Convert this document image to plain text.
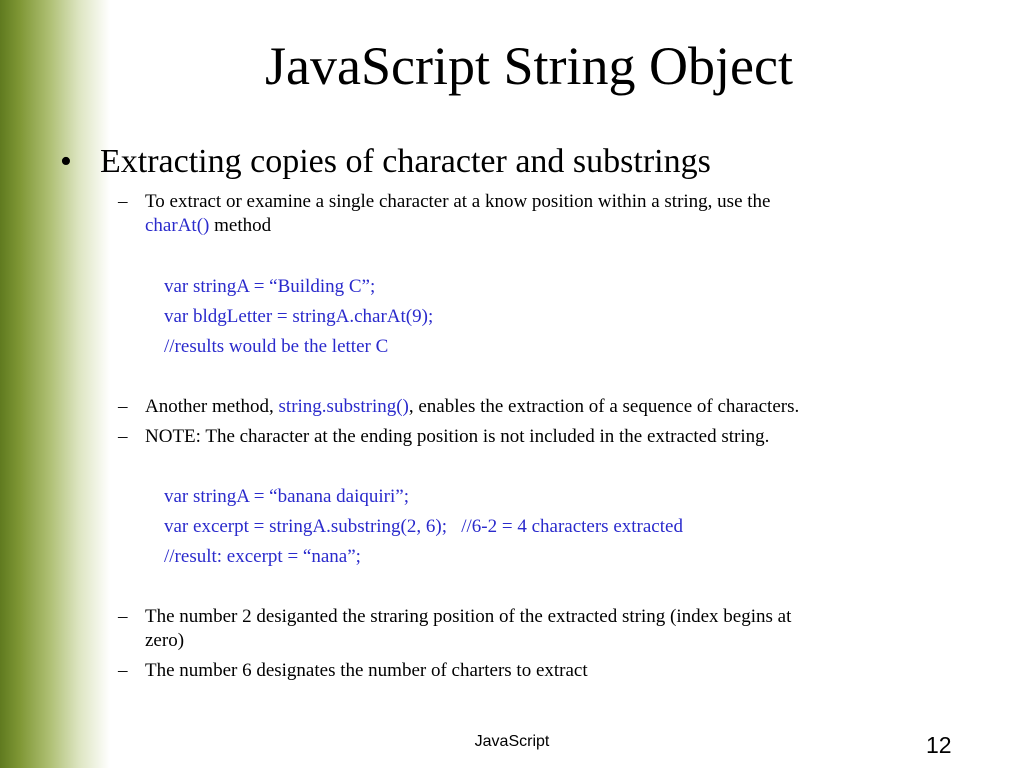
JavaScript String Object
• Extracting copies of character and substrings
– To extract or examine a single character at a know position within a string, use the
charAt() method
var stringA = “Building C”;
var bldgLetter = stringA.charAt(9);
//results would be the letter C
– Another method, string.substring(), enables the extraction of a sequence of characters.
– NOTE: The character at the ending position is not included in the extracted string.
var stringA = “banana daiquiri”;
var excerpt = stringA.substring(2, 6);   //6-2 = 4 characters extracted
//result: excerpt = “nana”;
– The number 2 desiganted the straring position of the extracted string (index begins at
zero)
– The number 6 designates the number of charters to extract
JavaScript	12
